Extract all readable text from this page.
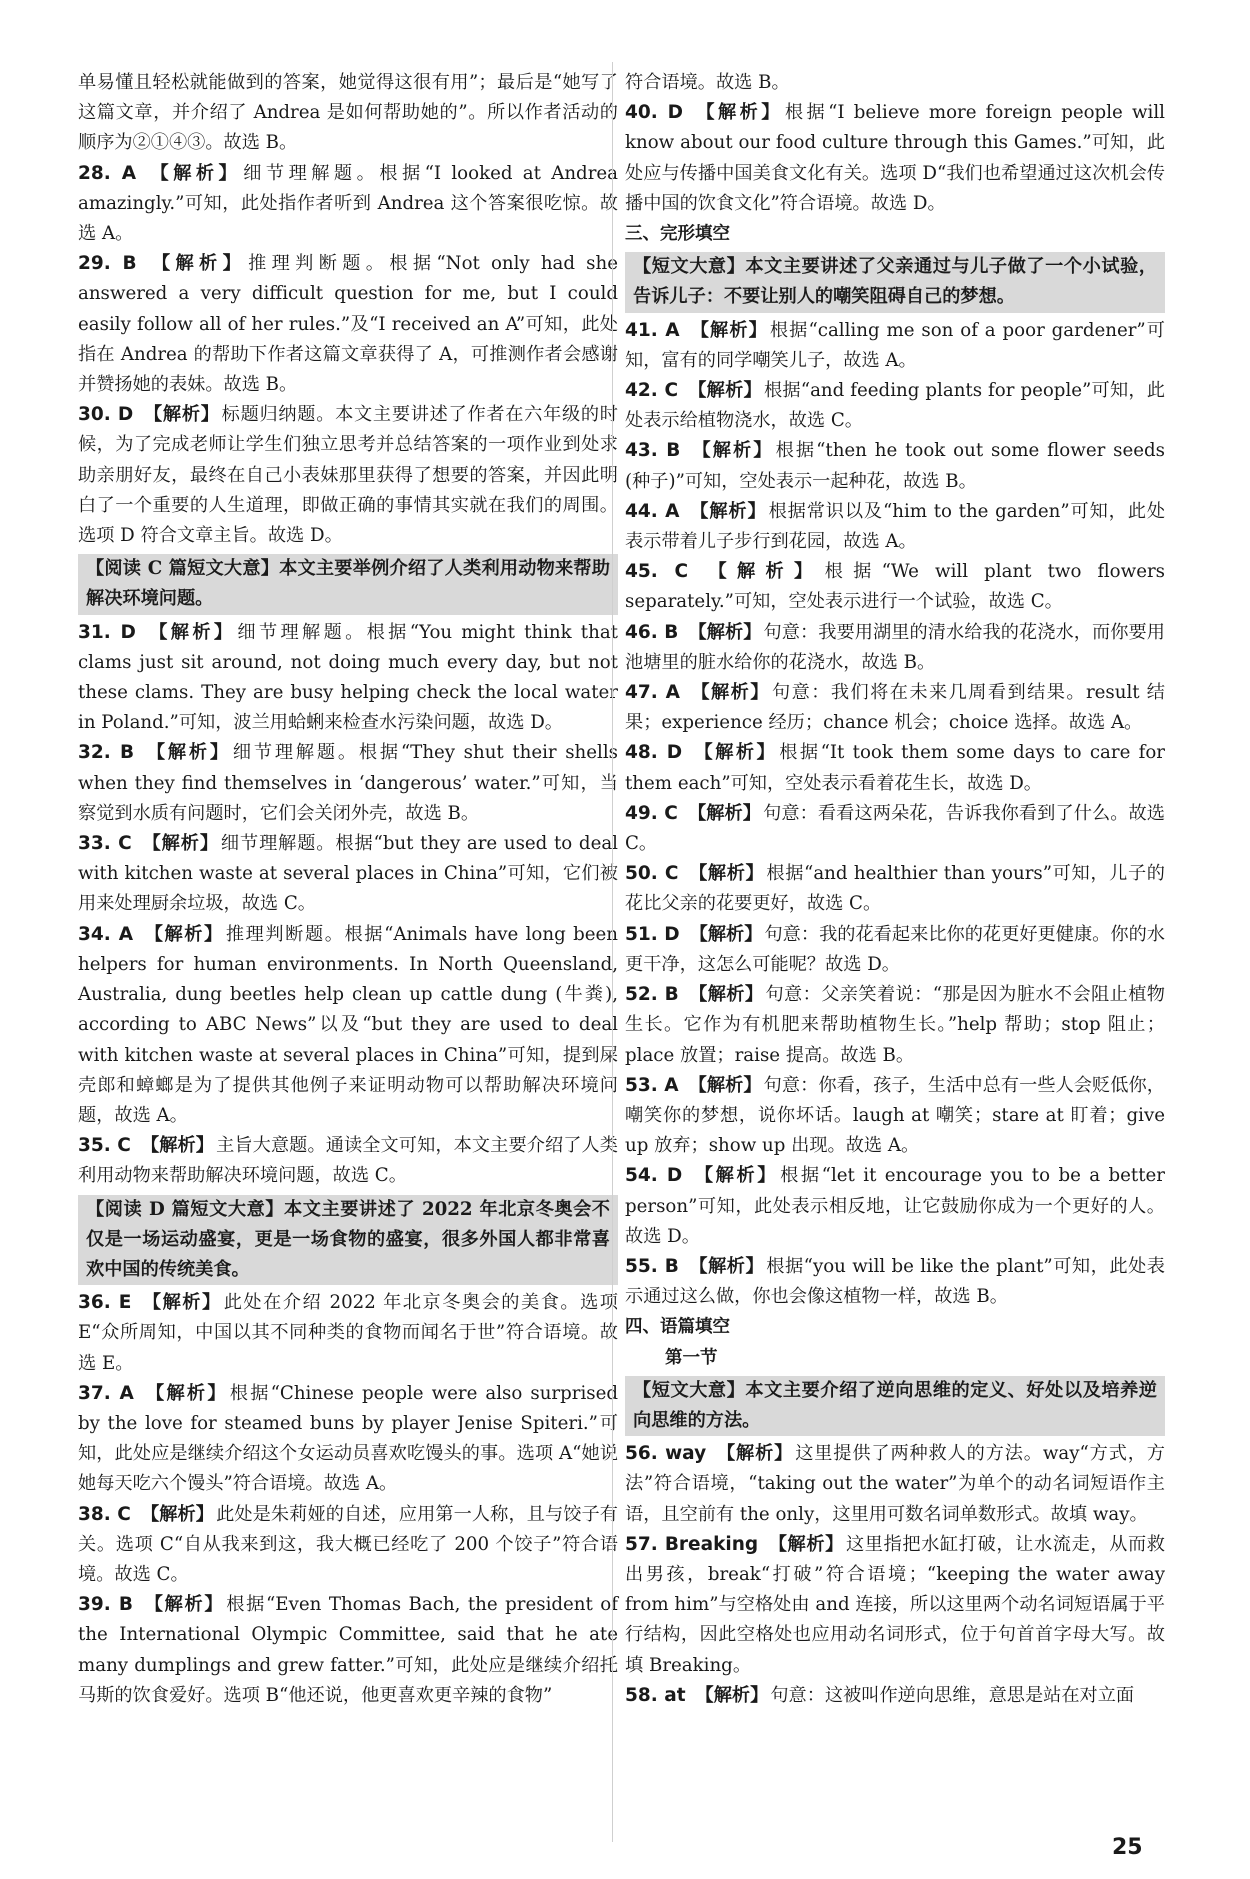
单易懂且轻松就能做到的答案，她觉得这很有用”；最后是“她写了这篇文章，并介绍了 Andrea 是如何帮助她的”。所以作者活动的顺序为②①④③。故选 B。

28. A 【解析】 细节理解题。根据“I looked at Andrea amazingly.”可知，此处指作者听到 Andrea 这个答案很吃惊。故选 A。

29. B 【解析】 推理判断题。根据“Not only had she answered a very difficult question for me, but I could easily follow all of her rules.”及“I received an A”可知，此处指在 Andrea 的帮助下作者这篇文章获得了 A，可推测作者会感谢并赞扬她的表妹。故选 B。

30. D 【解析】 标题归纳题。本文主要讲述了作者在六年级的时候，为了完成老师让学生们独立思考并总结答案的一项作业到处求助亲朋好友，最终在自己小表妹那里获得了想要的答案，并因此明白了一个重要的人生道理，即做正确的事情其实就在我们的周围。选项 D 符合文章主旨。故选 D。

【阅读 C 篇短文大意】本文主要举例介绍了人类利用动物来帮助解决环境问题。

31. D 【解析】 细节理解题。根据“You might think that clams just sit around, not doing much every day, but not these clams. They are busy helping check the local water in Poland.”可知，波兰用蛤蜊来检查水污染问题，故选 D。

32. B 【解析】 细节理解题。根据“They shut their shells when they find themselves in ‘dangerous’ water.”可知，当察觉到水质有问题时，它们会关闭外壳，故选 B。

33. C 【解析】 细节理解题。根据“but they are used to deal with kitchen waste at several places in China”可知，它们被用来处理厨余垃圾，故选 C。

34. A 【解析】 推理判断题。根据“Animals have long been helpers for human environments. In North Queensland, Australia, dung beetles help clean up cattle dung (牛粪), according to ABC News”以及“but they are used to deal with kitchen waste at several places in China”可知，提到屎壳郎和蟑螂是为了提供其他例子来证明动物可以帮助解决环境问题，故选 A。

35. C 【解析】 主旨大意题。通读全文可知，本文主要介绍了人类利用动物来帮助解决环境问题，故选 C。

【阅读 D 篇短文大意】本文主要讲述了 2022 年北京冬奥会不仅是一场运动盛宴，更是一场食物的盛宴，很多外国人都非常喜欢中国的传统美食。

36. E 【解析】 此处在介绍 2022 年北京冬奥会的美食。选项 E“众所周知，中国以其不同种类的食物而闻名于世”符合语境。故选 E。

37. A 【解析】 根据“Chinese people were also surprised by the love for steamed buns by player Jenise Spiteri.”可知，此处应是继续介绍这个女运动员喜欢吃馒头的事。选项 A“她说她每天吃六个馒头”符合语境。故选 A。

38. C 【解析】 此处是朱莉娅的自述，应用第一人称，且与饺子有关。选项 C“自从我来到这，我大概已经吃了 200 个饺子”符合语境。故选 C。

39. B 【解析】 根据“Even Thomas Bach, the president of the International Olympic Committee, said that he ate many dumplings and grew fatter.”可知，此处应是继续介绍托马斯的饮食爱好。选项 B“他还说，他更喜欢更辛辣的食物”

符合语境。故选 B。

40. D 【解析】 根据“I believe more foreign people will know about our food culture through this Games.”可知，此处应与传播中国美食文化有关。选项 D“我们也希望通过这次机会传播中国的饮食文化”符合语境。故选 D。

三、完形填空
【短文大意】本文主要讲述了父亲通过与儿子做了一个小试验，告诉儿子：不要让别人的嘲笑阻碍自己的梦想。

41. A 【解析】 根据“calling me son of a poor gardener”可知，富有的同学嘲笑儿子，故选 A。

42. C 【解析】 根据“and feeding plants for people”可知，此处表示给植物浇水，故选 C。

43. B 【解析】 根据“then he took out some flower seeds (种子)”可知，空处表示一起种花，故选 B。

44. A 【解析】 根据常识以及“him to the garden”可知，此处表示带着儿子步行到花园，故选 A。

45. C 【解析】 根据“We will plant two flowers separately.”可知，空处表示进行一个试验，故选 C。

46. B 【解析】 句意：我要用湖里的清水给我的花浇水，而你要用池塘里的脏水给你的花浇水，故选 B。

47. A 【解析】 句意：我们将在未来几周看到结果。result 结果；experience 经历；chance 机会；choice 选择。故选 A。

48. D 【解析】 根据“It took them some days to care for them each”可知，空处表示看着花生长，故选 D。

49. C 【解析】 句意：看看这两朵花，告诉我你看到了什么。故选 C。

50. C 【解析】 根据“and healthier than yours”可知，儿子的花比父亲的花要更好，故选 C。

51. D 【解析】 句意：我的花看起来比你的花更好更健康。你的水更干净，这怎么可能呢？故选 D。

52. B 【解析】 句意：父亲笑着说：“那是因为脏水不会阻止植物生长。它作为有机肥来帮助植物生长。”help 帮助；stop 阻止；place 放置；raise 提高。故选 B。

53. A 【解析】 句意：你看，孩子，生活中总有一些人会贬低你，嘲笑你的梦想，说你坏话。laugh at 嘲笑；stare at 盯着；give up 放弃；show up 出现。故选 A。

54. D 【解析】 根据“let it encourage you to be a better person”可知，此处表示相反地，让它鼓励你成为一个更好的人。故选 D。

55. B 【解析】 根据“you will be like the plant”可知，此处表示通过这么做，你也会像这植物一样，故选 B。

四、语篇填空
第一节
【短文大意】本文主要介绍了逆向思维的定义、好处以及培养逆向思维的方法。

56. way 【解析】 这里提供了两种救人的方法。way“方式，方法”符合语境，“taking out the water”为单个的动名词短语作主语，且空前有 the only，这里用可数名词单数形式。故填 way。

57. Breaking 【解析】 这里指把水缸打破，让水流走，从而救出男孩，break“打破”符合语境；“keeping the water away from him”与空格处由 and 连接，所以这里两个动名词短语属于平行结构，因此空格处也应用动名词形式，位于句首首字母大写。故填 Breaking。

58. at 【解析】 句意：这被叫作逆向思维，意思是站在对立面

25
